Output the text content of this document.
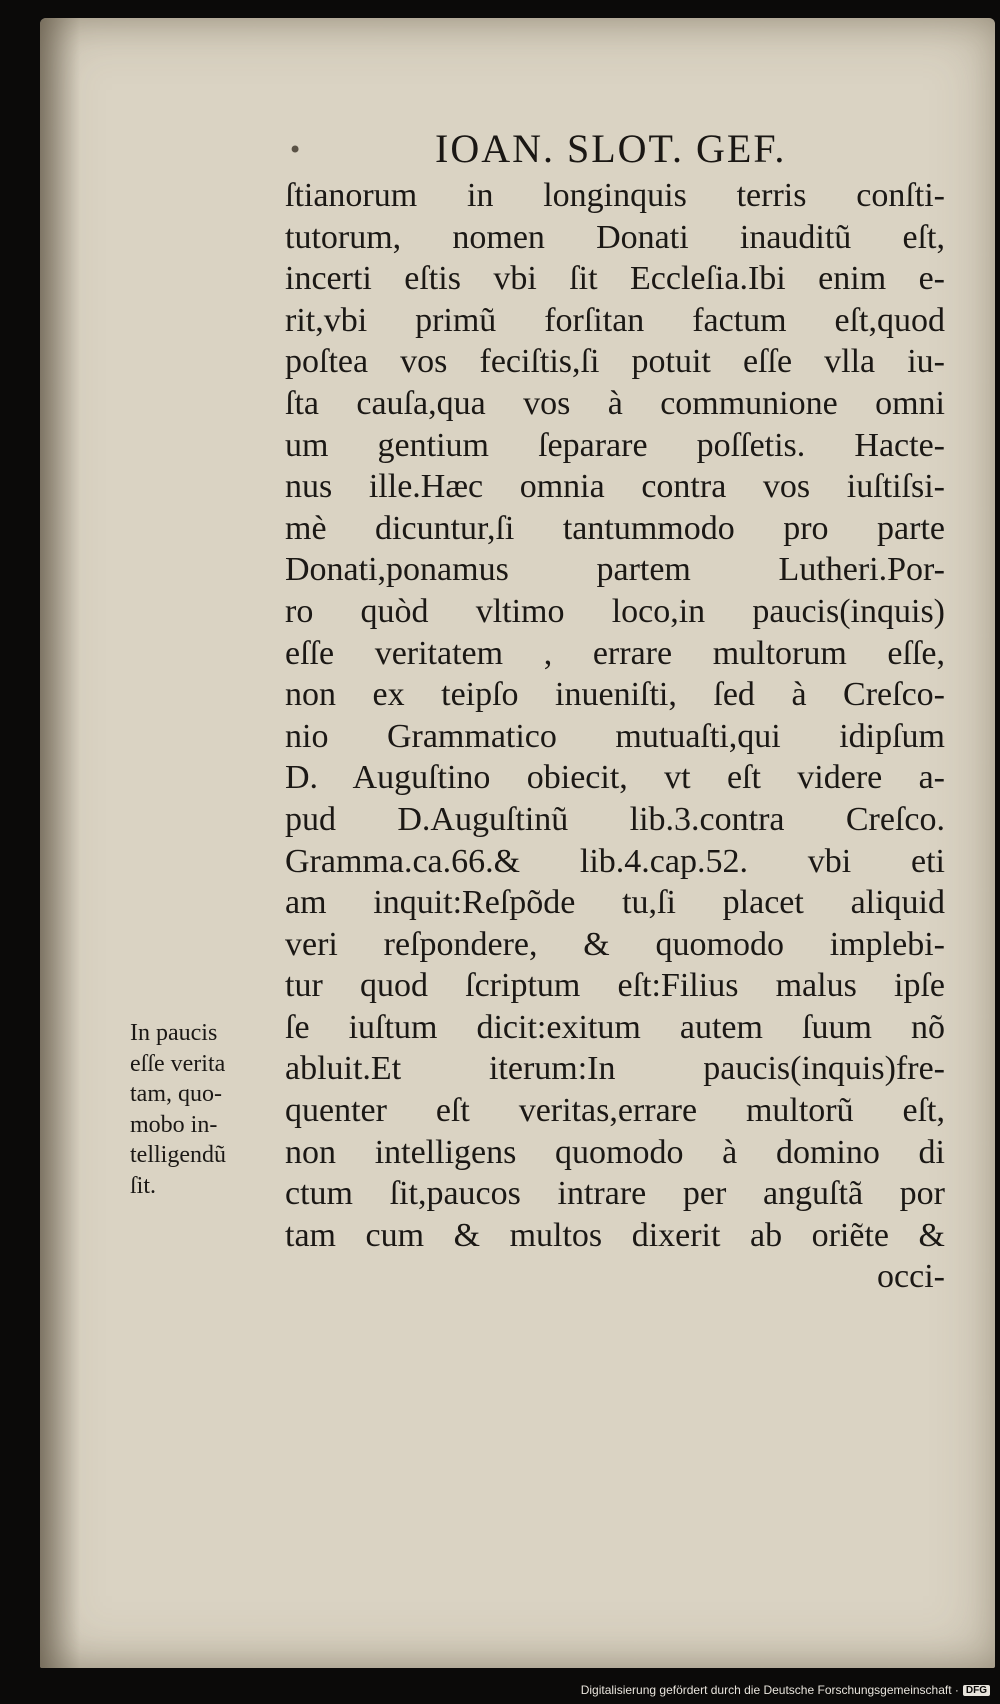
•	IOAN. SLOT. GEF.
ſtianorum in longinquis terris conſti-
tutorum, nomen Donati inauditũ eſt,
incerti eſtis vbi ſit Eccleſia.Ibi enim e-
rit,vbi primũ forſitan factum eſt,quod
poſtea vos feciſtis,ſi potuit eſſe vlla iu-
ſta cauſa,qua vos à communione omni
um gentium ſeparare poſſetis. Hacte-
nus ille.Hæc omnia contra vos iuſtiſsi-
mè dicuntur,ſi tantummodo pro parte
Donati,ponamus partem Lutheri.Por-
ro quòd vltimo loco,in paucis(inquis)
eſſe veritatem , errare multorum eſſe,
non ex teipſo inueniſti, ſed à Creſco-
nio Grammatico mutuaſti,qui idipſum
D. Auguſtino obiecit, vt eſt videre a-
pud D.Auguſtinũ lib.3.contra Creſco.
Gramma.ca.66.& lib.4.cap.52. vbi eti
am inquit:Reſpõde tu,ſi placet aliquid
veri reſpondere, & quomodo implebi-
tur quod ſcriptum eſt:Filius malus ipſe
ſe iuſtum dicit:exitum autem ſuum nõ
abluit.Et iterum:In paucis(inquis)fre-
quenter eſt veritas,errare multorũ eſt,
non intelligens quomodo à domino di
ctum ſit,paucos intrare per anguſtã por
tam cum & multos dixerit ab oriẽte &
occi-
In paucis
eſſe verita
tam, quo-
mobo in-
telligendũ
ſit.
Digitalisierung gefördert durch die Deutsche Forschungsgemeinschaft · DFG
